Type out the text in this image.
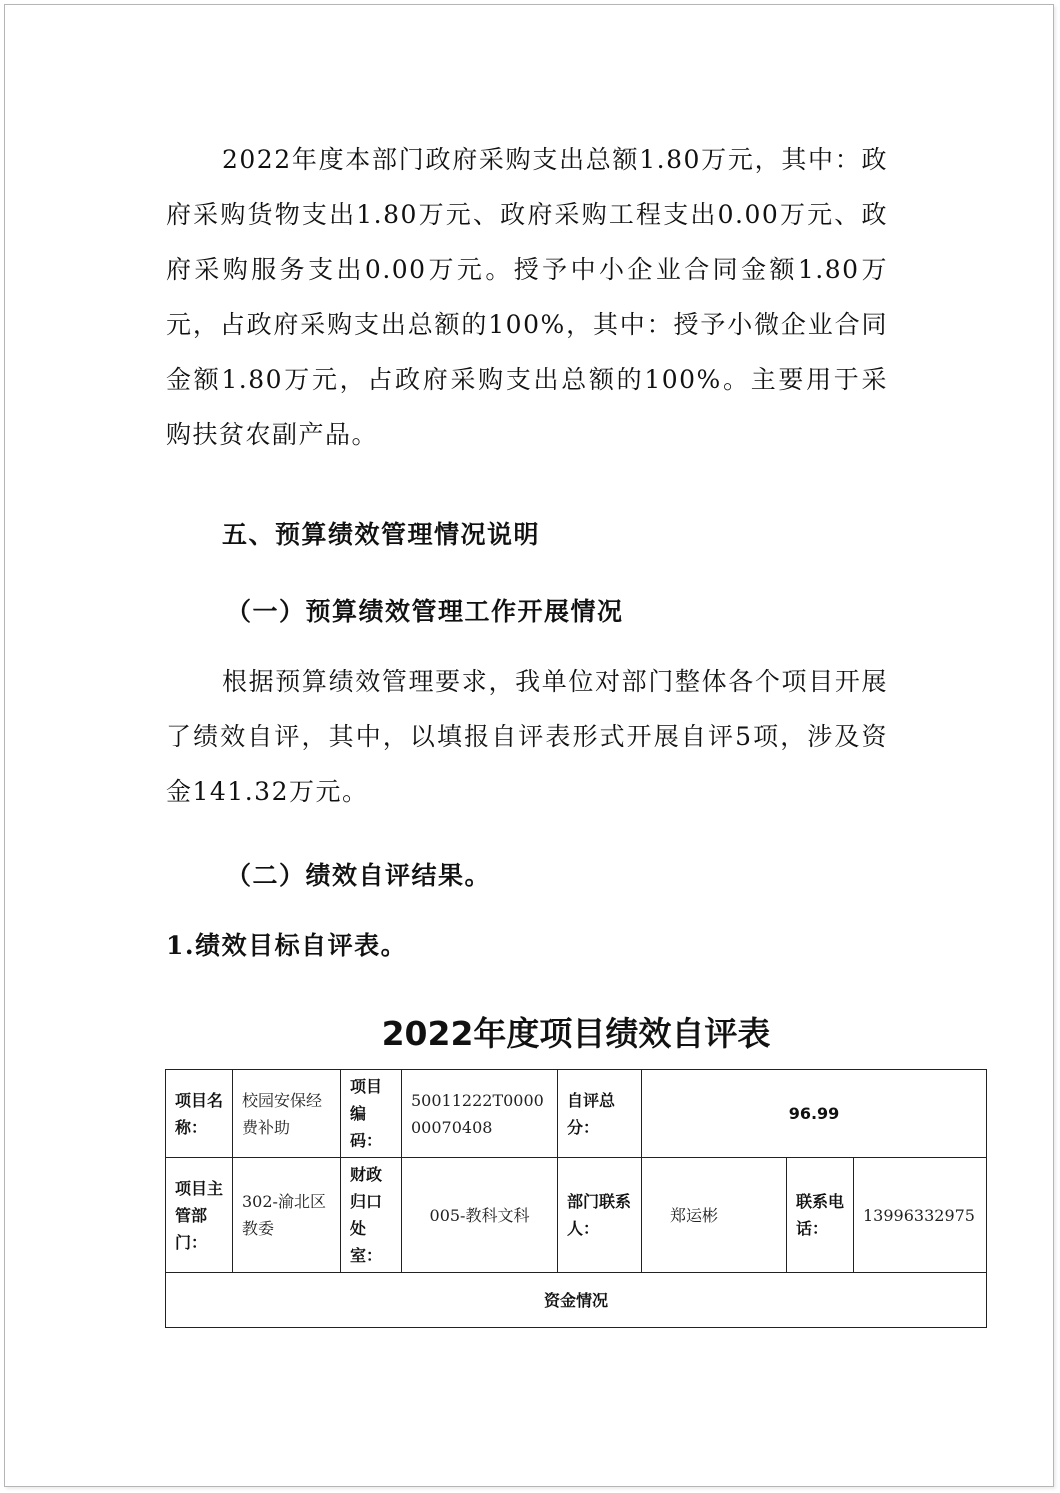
2022年度本部门政府采购支出总额1.80万元，其中：政府采购货物支出1.80万元、政府采购工程支出0.00万元、政府采购服务支出0.00万元。授予中小企业合同金额1.80万元，占政府采购支出总额的100%，其中：授予小微企业合同金额1.80万元，占政府采购支出总额的100%。主要用于采购扶贫农副产品。

五、预算绩效管理情况说明
（一）预算绩效管理工作开展情况

根据预算绩效管理要求，我单位对部门整体各个项目开展了绩效自评，其中，以填报自评表形式开展自评5项，涉及资金141.32万元。

（二）绩效自评结果。
1.绩效目标自评表。
2022年度项目绩效自评表
项目名称：	校园安保经费补助	项目编码：	50011222T000000070408	自评总分：	96.99		
项目主管部门：	302-渝北区教委	财政归口处室：	005-教科文科	部门联系人：	郑运彬	联系电话：	13996332975
资金情况							
